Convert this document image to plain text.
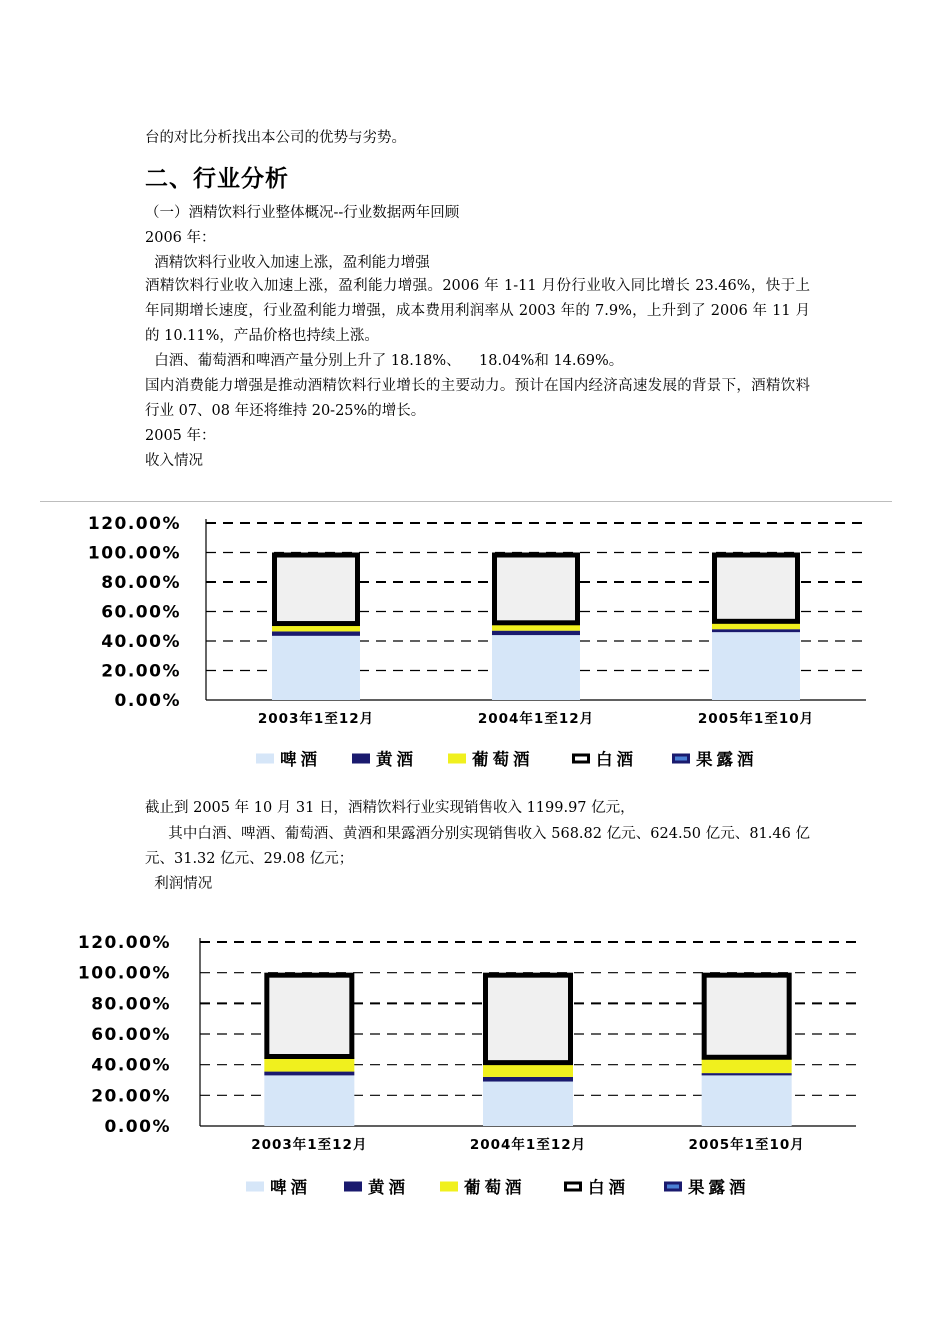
台的对比分析找出本公司的优势与劣势。
二、行业分析
（一）酒精饮料行业整体概况--行业数据两年回顾
2006 年：
酒精饮料行业收入加速上涨，盈利能力增强
酒精饮料行业收入加速上涨，盈利能力增强。2006 年 1-11 月份行业收入同比增长 23.46%，快于上年同期增长速度，行业盈利能力增强，成本费用利润率从 2003 年的 7.9%，上升到了 2006 年 11 月的 10.11%，产品价格也持续上涨。
白酒、葡萄酒和啤酒产量分别上升了 18.18%、    18.04%和 14.69%。
国内消费能力增强是推动酒精饮料行业增长的主要动力。预计在国内经济高速发展的背景下，酒精饮料行业 07、08 年还将维持 20-25%的增长。
2005 年：
收入情况
0.00%
20.00%
40.00%
60.00%
80.00%
100.00%
120.00%
2003年1至12月	2004年1至12月	2005年1至10月
啤酒	黄酒	葡萄酒	白酒	果露酒
截止到 2005 年 10 月 31 日，酒精饮料行业实现销售收入 1199.97 亿元，
其中白酒、啤酒、葡萄酒、黄酒和果露酒分别实现销售收入 568.82 亿元、624.50 亿元、81.46 亿元、31.32 亿元、29.08 亿元；
利润情况
0.00%
20.00%
40.00%
60.00%
80.00%
100.00%
120.00%
2003年1至12月	2004年1至12月	2005年1至10月
啤酒	黄酒	葡萄酒	白酒	果露酒
